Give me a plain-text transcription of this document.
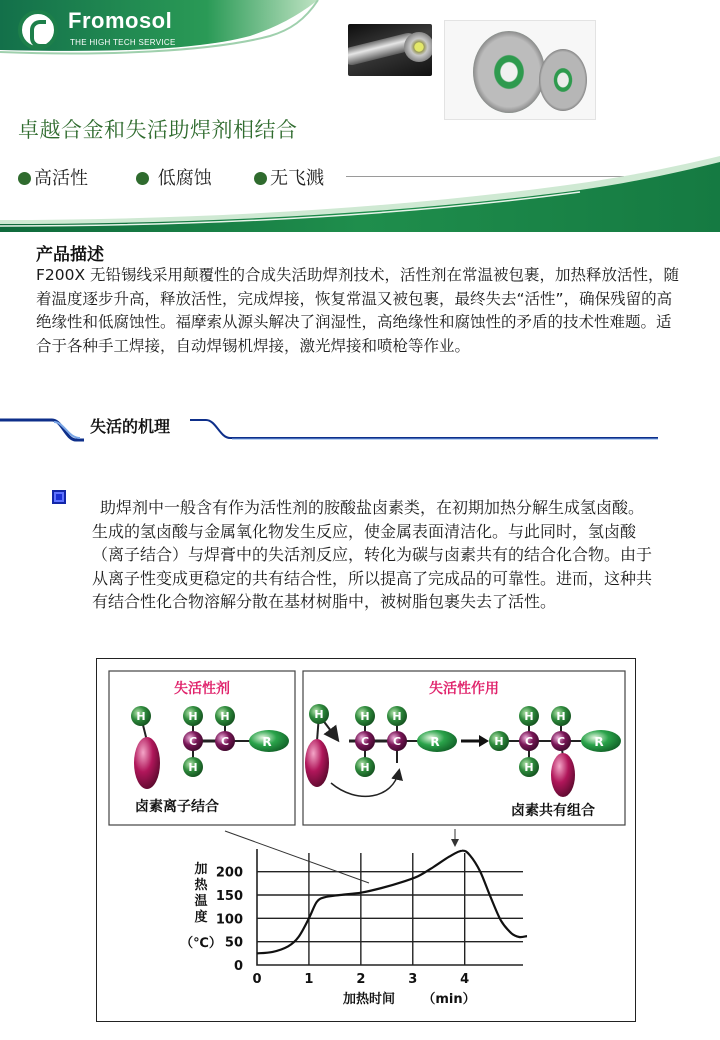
Fromosol
THE HIGH TECH SERVICE
卓越合金和失活助焊剂相结合
高活性	低腐蚀	无飞溅
产品描述
F200X 无铅锡线采用颠覆性的合成失活助焊剂技术，活性剂在常温被包裹，加热释放活性，随着温度逐步升高，释放活性，完成焊接，恢复常温又被包裹，最终失去“活性”，确保残留的高绝缘性和低腐蚀性。福摩索从源头解决了润湿性，高绝缘性和腐蚀性的矛盾的技术性难题。适合于各种手工焊接，自动焊锡机焊接，激光焊接和喷枪等作业。
失活的机理

助焊剂中一般含有作为活性剂的胺酸盐卤素类，在初期加热分解生成氢卤酸。

生成的氢卤酸与金属氧化物发生反应，使金属表面清洁化。与此同时，氢卤酸（离子结合）与焊膏中的失活剂反应，转化为碳与卤素共有的结合化合物。由于从离子性变成更稳定的共有结合性，所以提高了完成品的可靠性。进而，这种共有结合性化合物溶解分散在基材树脂中，被树脂包裹失去了活性。

失活性剂	失活性作用
H	H H
C C
H
R
卤素离子结合
H	H H
C C
H
R	H
H H
C C
H
R
卤素共有组合
0
50
100
150
200
0	1	2	3	4
加热温度
（℃）
加热时间 （min）
